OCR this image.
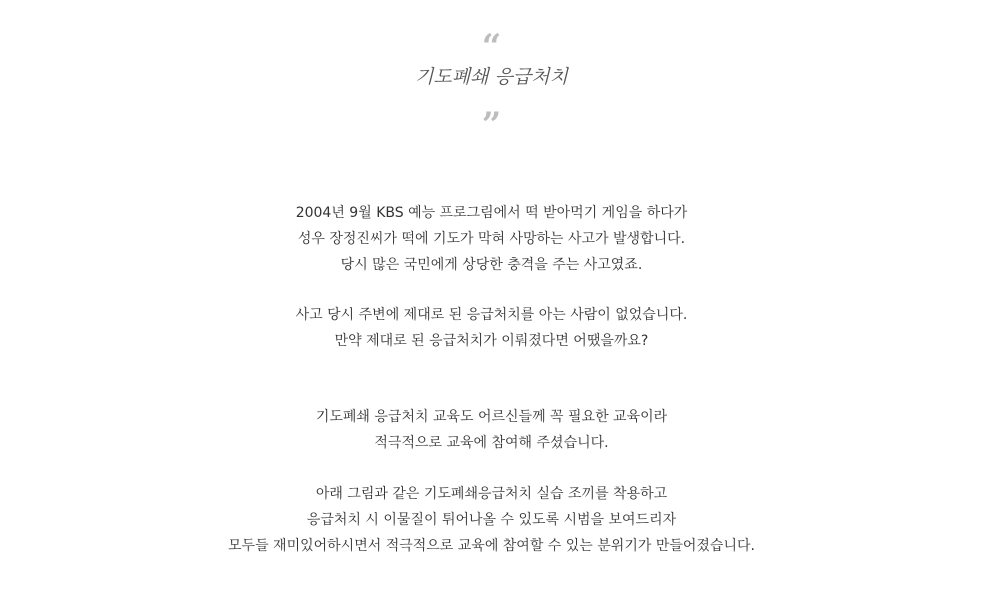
“
기도폐쇄 응급처치
”
2004년 9월 KBS 예능 프로그림에서 떡 받아먹기 게임을 하다가
성우 장정진씨가 떡에 기도가 막혀 사망하는 사고가 발생합니다.
당시 많은 국민에게 상당한 충격을 주는 사고였죠.
사고 당시 주변에 제대로 된 응급처치를 아는 사람이 없었습니다.
만약 제대로 된 응급처치가 이뤄졌다면 어땠을까요?
기도폐쇄 응급처치 교육도 어르신들께 꼭 필요한 교육이라
적극적으로 교육에 참여해 주셨습니다.
아래 그림과 같은 기도폐쇄응급처치 실습 조끼를 착용하고
응급처치 시 이물질이 튀어나올 수 있도록 시범을 보여드리자
모두들 재미있어하시면서 적극적으로 교육에 참여할 수 있는 분위기가 만들어졌습니다.
